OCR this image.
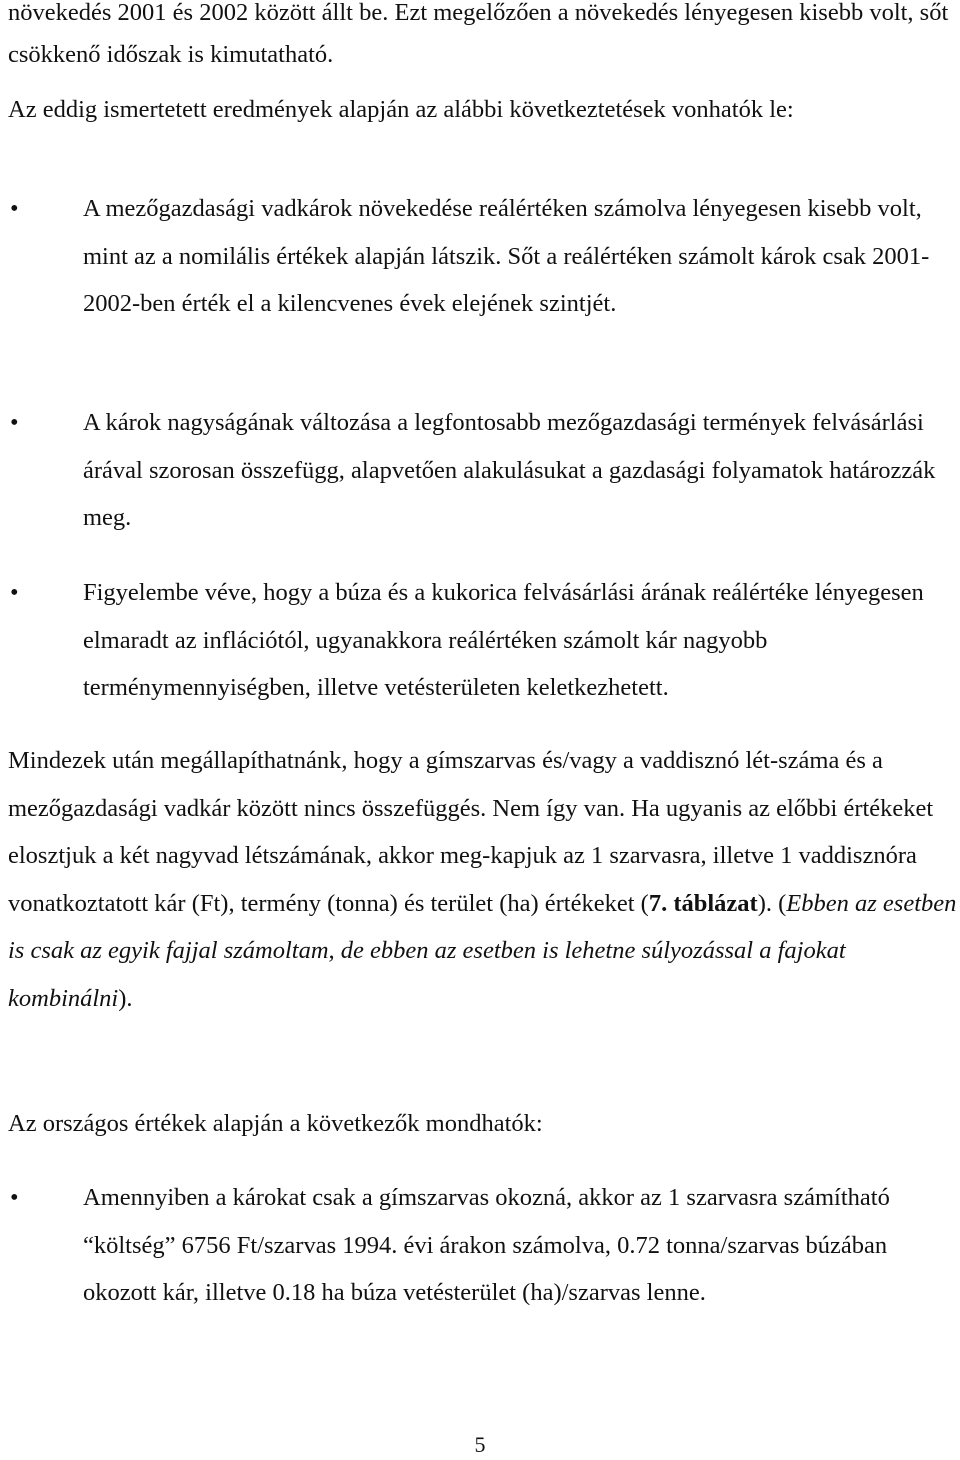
növekedés 2001 és 2002 között állt be. Ezt megelőzően a növekedés lényegesen kisebb volt, sőt csökkenő időszak is kimutatható.

Az eddig ismertetett eredmények alapján az alábbi következtetések vonhatók le:

•	A mezőgazdasági vadkárok növekedése reálértéken számolva lényegesen kisebb volt, mint az a nomilális értékek alapján látszik. Sőt a reálértéken számolt károk csak 2001-2002-ben érték el a kilencvenes évek elejének szintjét.

•	A károk nagyságának változása a legfontosabb mezőgazdasági termények felvásárlási árával szorosan összefügg, alapvetően alakulásukat a gazdasági folyamatok határozzák meg.

•	Figyelembe véve, hogy a búza és a kukorica felvásárlási árának reálértéke lényegesen elmaradt az inflációtól, ugyanakkora reálértéken számolt kár nagyobb terménymennyiségben, illetve vetésterületen keletkezhetett.

Mindezek után megállapíthatnánk, hogy a gímszarvas és/vagy a vaddisznó lét-száma és a mezőgazdasági vadkár között nincs összefüggés. Nem így van. Ha ugyanis az előbbi értékeket elosztjuk a két nagyvad létszámának, akkor meg-kapjuk az 1 szarvasra, illetve 1 vaddisznóra vonatkoztatott kár (Ft), termény (tonna) és terület (ha) értékeket (7. táblázat). (Ebben az esetben is csak az egyik fajjal számoltam, de ebben az esetben is lehetne súlyozással a fajokat kombinálni).

Az országos értékek alapján a következők mondhatók:

•	Amennyiben a károkat csak a gímszarvas okozná, akkor az 1 szarvasra számítható “költség” 6756 Ft/szarvas 1994. évi árakon számolva, 0.72 tonna/szarvas búzában okozott kár, illetve 0.18 ha búza vetésterület (ha)/szarvas lenne.

5
